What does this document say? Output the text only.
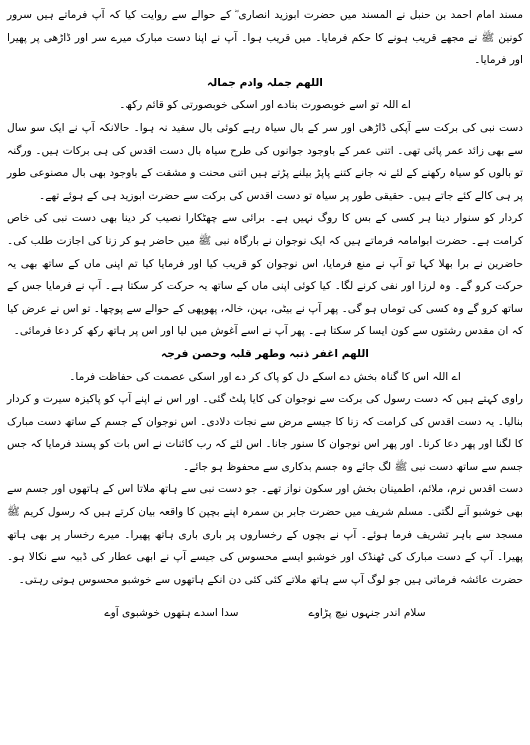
مسند امام احمد بن حنبل نے المسند میں حضرت ابوزید انصاری ؓ کے حوالے سے روایت کیا کہ آپ فرماتے ہیں سرور کونین ﷺ نے مجھے قریب ہونے کا حکم فرمایا۔ میں قریب ہوا۔ آپ نے اپنا دست مبارک میرے سر اور ڈاڑھی پر پھیرا اور فرمایا۔

اللھم جملہ وادم جمالہ

اے اللہ تو اسے خوبصورت بنادے اور اسکی خوبصورتی کو قائم رکھ۔

دست نبی کی برکت سے آپکی ڈاڑھی اور سر کے بال سیاہ رہے کوئی بال سفید نہ ہوا۔ حالانکہ آپ نے ایک سو سال سے بھی زائد عمر پائی تھی۔ اتنی عمر کے باوجود جوانوں کی طرح سیاہ بال دست اقدس کی ہی برکات ہیں۔ ورگنہ تو بالوں کو سیاہ رکھنے کے لئے نہ جانے کتنے پاپڑ بیلنے پڑتے ہیں اتنی محنت و مشقت کے باوجود بھی بال مصنوعی طور پر ہی کالے کئے جاتے ہیں۔ حقیقی طور پر سیاہ تو دست اقدس کی برکت سے حضرت ابوزید ہی کے ہوئے تھے۔

کردار کو سنوار دینا ہر کسی کے بس کا روگ نہیں ہے۔ برائی سے چھٹکارا نصیب کر دینا بھی دست نبی کی خاص کرامت ہے۔ حضرت ابوامامہ فرماتے ہیں کہ ایک نوجوان نے بارگاہ نبی ﷺ میں حاضر ہو کر زنا کی اجازت طلب کی۔ حاضرین نے برا بھلا کہا تو آپ نے منع فرمایا، اس نوجوان کو قریب کیا اور فرمایا کیا تم اپنی ماں کے ساتھ بھی یہ حرکت کرو گے۔ وہ لرزا اور نفی کرنے لگا۔ کیا کوئی اپنی ماں کے ساتھ یہ حرکت کر سکتا ہے۔ آپ نے فرمایا جس کے ساتھ کرو گے وہ کسی کی توماں ہو گی۔ پھر آپ نے بیٹی، بہن، خالہ، پھوپھی کے حوالے سے پوچھا۔ تو اس نے عرض کیا کہ ان مقدس رشتوں سے کون ایسا کر سکتا ہے۔ پھر آپ نے اسے آغوش میں لیا اور اس پر ہاتھ رکھ کر دعا فرمائی۔

اللھم اغفر ذنبہ وطھر قلبہ وحصن فرجہ

اے اللہ اس کا گناہ بخش دے اسکے دل کو پاک کر دے اور اسکی عصمت کی حفاظت فرما۔

راوی کہتے ہیں کہ دست رسول کی برکت سے نوجوان کی کایا پلٹ گئی۔ اور اس نے اپنے آپ کو پاکیزہ سیرت و کردار بنالیا۔ یہ دست اقدس کی کرامت کہ زنا کا جیسے مرض سے نجات دلادی۔ اس نوجوان کے جسم کے ساتھ دست مبارک کا لگنا اور پھر دعا کرنا۔ اور پھر اس نوجوان کا سنور جانا۔ اس لئے کہ رب کائنات نے اس بات کو پسند فرمایا کہ جس جسم سے ساتھ دست نبی ﷺ لگ جائے وہ جسم بدکاری سے محفوظ ہو جائے۔

دست اقدس نرم، ملائم، اطمینان بخش اور سکون نواز تھے۔ جو دست نبی سے ہاتھ ملاتا اس کے ہاتھوں اور جسم سے بھی خوشبو آنے لگتی۔ مسلم شریف میں حضرت جابر بن سمرہ اپنے بچپن کا واقعہ بیان کرتے ہیں کہ رسول کریم ﷺ مسجد سے باہر تشریف فرما ہوئے۔ آپ نے بچوں کے رخساروں پر باری باری ہاتھ پھیرا۔ میرے رخسار پر بھی ہاتھ پھیرا۔ آپ کے دست مبارک کی ٹھنڈک اور خوشبو ایسے محسوس کی جیسے آپ نے ابھی عطار کی ڈبیہ سے نکالا ہو۔ حضرت عائشہ فرماتی ہیں جو لوگ آپ سے ہاتھ ملاتے کئی کئی دن انکے ہاتھوں سے خوشبو محسوس ہوتی رہتی۔

سلام اندر جنہوں نیچ پڑاوے
سدا اسدے ہتھوں خوشبوی آوے
